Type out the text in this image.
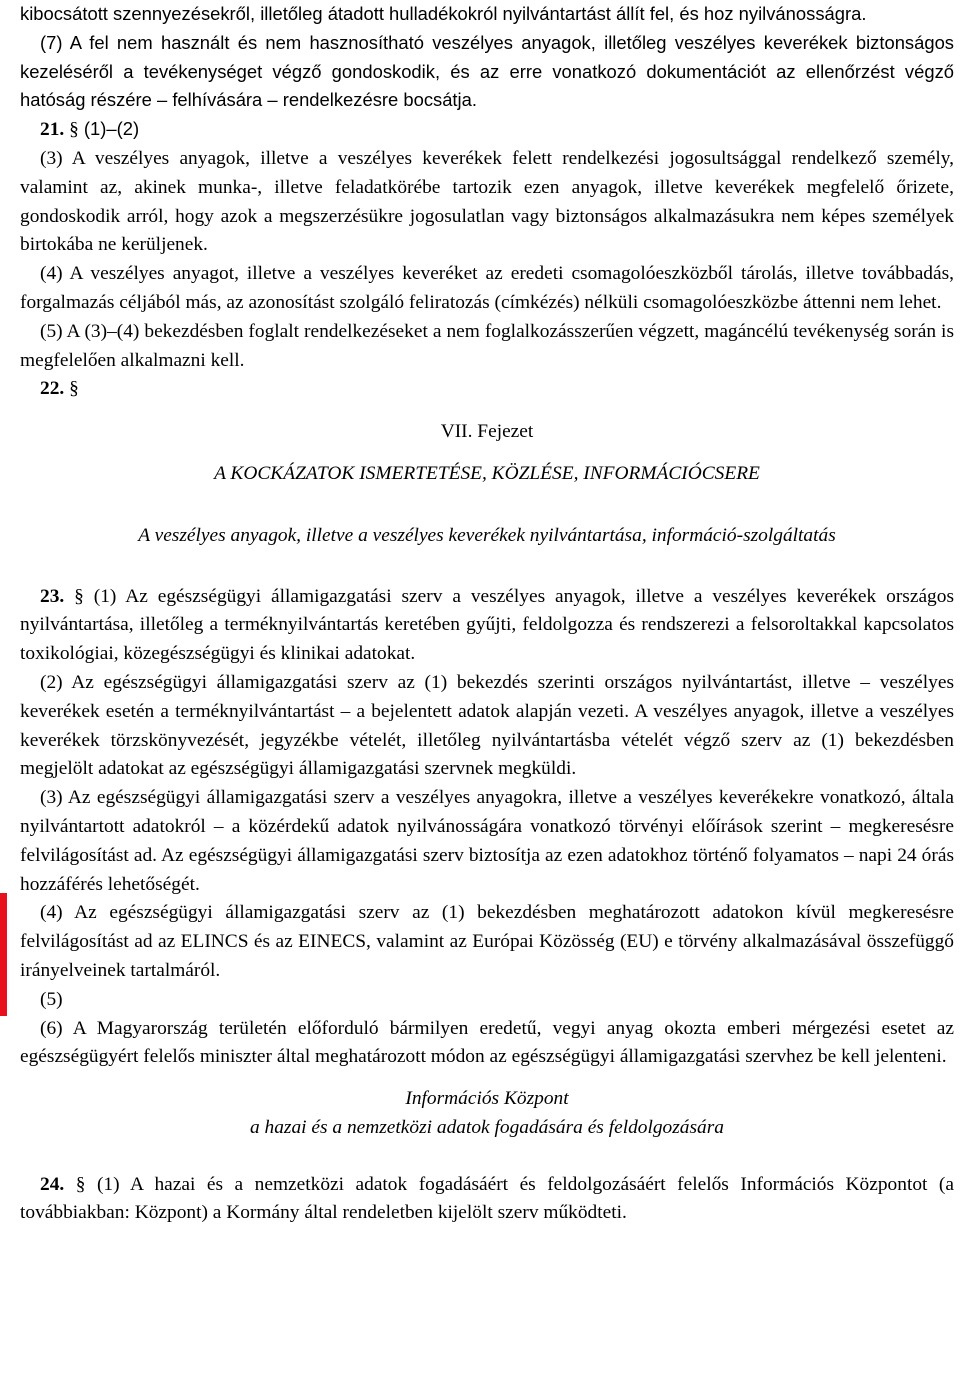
kibocsátott szennyezésekről, illetőleg átadott hulladékokról nyilvántartást állít fel, és hoz nyilvánosságra.

(7) A fel nem használt és nem hasznosítható veszélyes anyagok, illetőleg veszélyes keverékek biztonságos kezeléséről a tevékenységet végző gondoskodik, és az erre vonatkozó dokumentációt az ellenőrzést végző hatóság részére – felhívására – rendelkezésre bocsátja.

21. § (1)–(2)

(3) A veszélyes anyagok, illetve a veszélyes keverékek felett rendelkezési jogosultsággal rendelkező személy, valamint az, akinek munka-, illetve feladatkörébe tartozik ezen anyagok, illetve keverékek megfelelő őrizete, gondoskodik arról, hogy azok a megszerzésükre jogosulatlan vagy biztonságos alkalmazásukra nem képes személyek birtokába ne kerüljenek.

(4) A veszélyes anyagot, illetve a veszélyes keveréket az eredeti csomagolóeszközből tárolás, illetve továbbadás, forgalmazás céljából más, az azonosítást szolgáló feliratozás (címkézés) nélküli csomagolóeszközbe áttenni nem lehet.

(5) A (3)–(4) bekezdésben foglalt rendelkezéseket a nem foglalkozásszerűen végzett, magáncélú tevékenység során is megfelelően alkalmazni kell.

22. §

VII. Fejezet

A KOCKÁZATOK ISMERTETÉSE, KÖZLÉSE, INFORMÁCIÓCSERE

A veszélyes anyagok, illetve a veszélyes keverékek nyilvántartása, információ-szolgáltatás

23. § (1) Az egészségügyi államigazgatási szerv a veszélyes anyagok, illetve a veszélyes keverékek országos nyilvántartása, illetőleg a terméknyilvántartás keretében gyűjti, feldolgozza és rendszerezi a felsoroltakkal kapcsolatos toxikológiai, közegészségügyi és klinikai adatokat.

(2) Az egészségügyi államigazgatási szerv az (1) bekezdés szerinti országos nyilvántartást, illetve – veszélyes keverékek esetén a terméknyilvántartást – a bejelentett adatok alapján vezeti. A veszélyes anyagok, illetve a veszélyes keverékek törzskönyvezését, jegyzékbe vételét, illetőleg nyilvántartásba vételét végző szerv az (1) bekezdésben megjelölt adatokat az egészségügyi államigazgatási szervnek megküldi.

(3) Az egészségügyi államigazgatási szerv a veszélyes anyagokra, illetve a veszélyes keverékekre vonatkozó, általa nyilvántartott adatokról – a közérdekű adatok nyilvánosságára vonatkozó törvényi előírások szerint – megkeresésre felvilágosítást ad. Az egészségügyi államigazgatási szerv biztosítja az ezen adatokhoz történő folyamatos – napi 24 órás hozzáférés lehetőségét.

(4) Az egészségügyi államigazgatási szerv az (1) bekezdésben meghatározott adatokon kívül megkeresésre felvilágosítást ad az ELINCS és az EINECS, valamint az Európai Közösség (EU) e törvény alkalmazásával összefüggő irányelveinek tartalmáról.

(5)

(6) A Magyarország területén előforduló bármilyen eredetű, vegyi anyag okozta emberi mérgezési esetet az egészségügyért felelős miniszter által meghatározott módon az egészségügyi államigazgatási szervhez be kell jelenteni.

Információs Központ

a hazai és a nemzetközi adatok fogadására és feldolgozására

24. § (1) A hazai és a nemzetközi adatok fogadásáért és feldolgozásáért felelős Információs Központot (a továbbiakban: Központ) a Kormány által rendeletben kijelölt szerv működteti.
